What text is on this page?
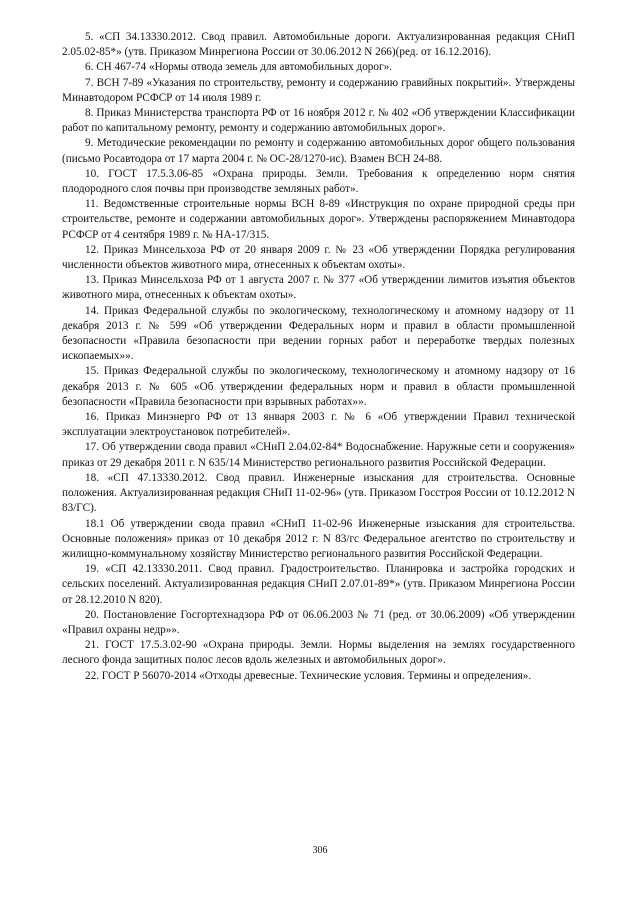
5. «СП 34.13330.2012. Свод правил. Автомобильные дороги. Актуализированная редакция СНиП 2.05.02-85*» (утв. Приказом Минрегиона России от 30.06.2012 N 266)(ред. от 16.12.2016).

6. СН 467-74 «Нормы отвода земель для автомобильных дорог».

7. ВСН 7-89 «Указания по строительству, ремонту и содержанию гравийных покрытий». Утверждены Минавтодором РСФСР от 14 июля 1989 г.

8. Приказ Министерства транспорта РФ от 16 ноября 2012 г. № 402 «Об утверждении Классификации работ по капитальному ремонту, ремонту и содержанию автомобильных дорог».

9. Методические рекомендации по ремонту и содержанию автомобильных дорог общего пользования (письмо Росавтодора от 17 марта 2004 г. № ОС-28/1270-ис). Взамен ВСН 24-88.

10. ГОСТ 17.5.3.06-85 «Охрана природы. Земли. Требования к определению норм снятия плодородного слоя почвы при производстве земляных работ».

11. Ведомственные строительные нормы ВСН 8-89 «Инструкция по охране природной среды при строительстве, ремонте и содержании автомобильных дорог». Утверждены распоряжением Минавтодора РСФСР от 4 сентября 1989 г. № НА-17/315.

12. Приказ Минсельхоза РФ от 20 января 2009 г. № 23 «Об утверждении Порядка регулирования численности объектов животного мира, отнесенных к объектам охоты».

13. Приказ Минсельхоза РФ от 1 августа 2007 г. № 377 «Об утверждении лимитов изъятия объектов животного мира, отнесенных к объектам охоты».

14. Приказ Федеральной службы по экологическому, технологическому и атомному надзору от 11 декабря 2013 г. № 599 «Об утверждении Федеральных норм и правил в области промышленной безопасности «Правила безопасности при ведении горных работ и переработке твердых полезных ископаемых»».

15. Приказ Федеральной службы по экологическому, технологическому и атомному надзору от 16 декабря 2013 г. № 605 «Об утверждении федеральных норм и правил в области промышленной безопасности «Правила безопасности при взрывных работах»».

16. Приказ Минэнерго РФ от 13 января 2003 г. № 6 «Об утверждении Правил технической эксплуатации электроустановок потребителей».

17. Об утверждении свода правил «СНиП 2.04.02-84* Водоснабжение. Наружные сети и сооружения» приказ от 29 декабря 2011 г. N 635/14 Министерство регионального развития Российской Федерации.

18. «СП 47.13330.2012. Свод правил. Инженерные изыскания для строительства. Основные положения. Актуализированная редакция СНиП 11-02-96» (утв. Приказом Госстроя России от 10.12.2012 N 83/ГС).

18.1 Об утверждении свода правил «СНиП 11-02-96 Инженерные изыскания для строительства. Основные положения» приказ от 10 декабря 2012 г. N 83/гс Федеральное агентство по строительству и жилищно-коммунальному хозяйству Министерство регионального развития Российской Федерации.

19. «СП 42.13330.2011. Свод правил. Градостроительство. Планировка и застройка городских и сельских поселений. Актуализированная редакция СНиП 2.07.01-89*» (утв. Приказом Минрегиона России от 28.12.2010 N 820).

20. Постановление Госгортехнадзора РФ от 06.06.2003 № 71 (ред. от 30.06.2009) «Об утверждении «Правил охраны недр»».

21. ГОСТ 17.5.3.02-90 «Охрана природы. Земли. Нормы выделения на землях государственного лесного фонда защитных полос лесов вдоль железных и автомобильных дорог».

22. ГОСТ Р 56070-2014 «Отходы древесные. Технические условия. Термины и определения».

306
